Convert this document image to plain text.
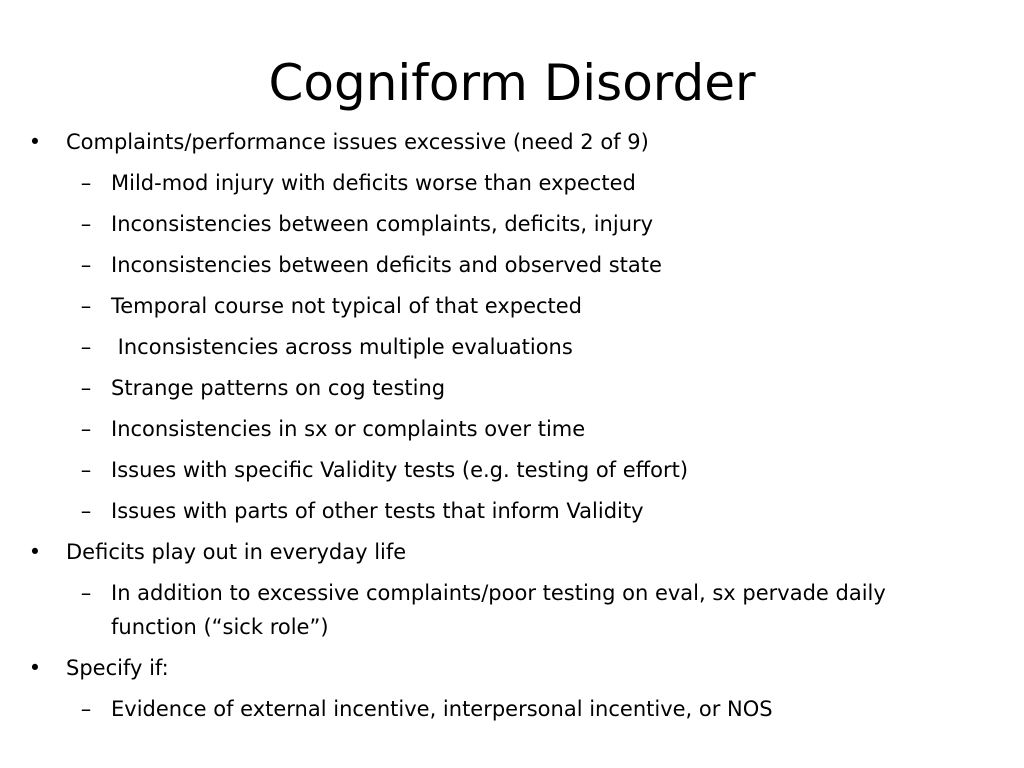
Cogniform Disorder
• Complaints/performance issues excessive (need 2 of 9)
– Mild-mod injury with deficits worse than expected
– Inconsistencies between complaints, deficits, injury
– Inconsistencies between deficits and observed state
– Temporal course not typical of that expected
– Inconsistencies across multiple evaluations
– Strange patterns on cog testing
– Inconsistencies in sx or complaints over time
– Issues with specific Validity tests (e.g. testing of effort)
– Issues with parts of other tests that inform Validity
• Deficits play out in everyday life
– In addition to excessive complaints/poor testing on eval, sx pervade daily function (“sick role”)
• Specify if:
– Evidence of external incentive, interpersonal incentive, or NOS
